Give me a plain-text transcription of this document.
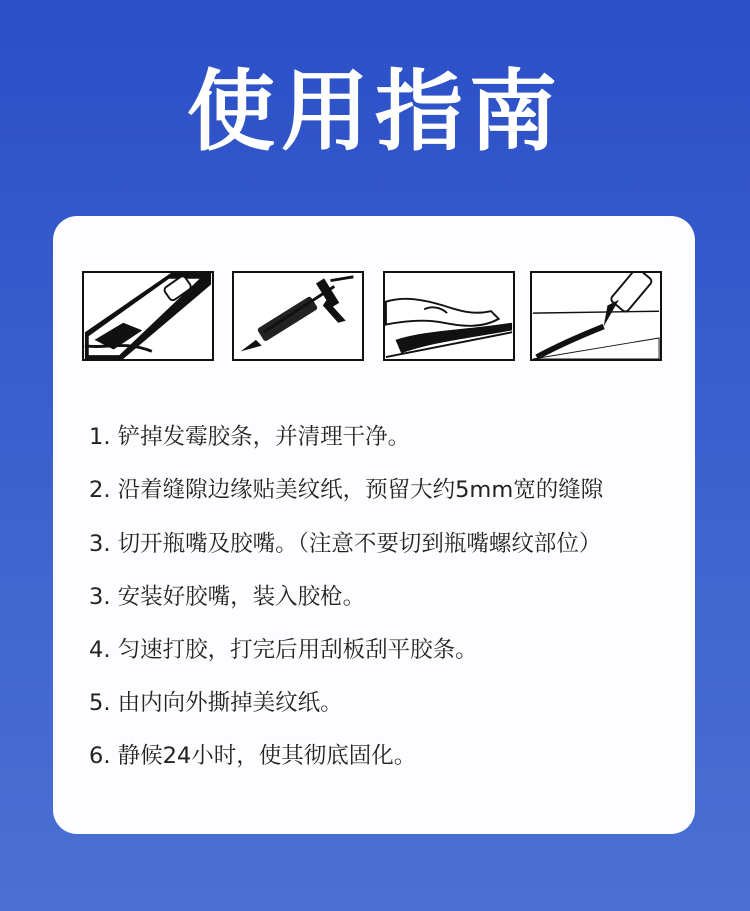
使用指南
1. 铲掉发霉胶条，并清理干净。
2. 沿着缝隙边缘贴美纹纸，预留大约5mm宽的缝隙
3. 切开瓶嘴及胶嘴。（注意不要切到瓶嘴螺纹部位）
3. 安装好胶嘴，装入胶枪。
4. 匀速打胶，打完后用刮板刮平胶条。
5. 由内向外撕掉美纹纸。
6. 静候24小时，使其彻底固化。
